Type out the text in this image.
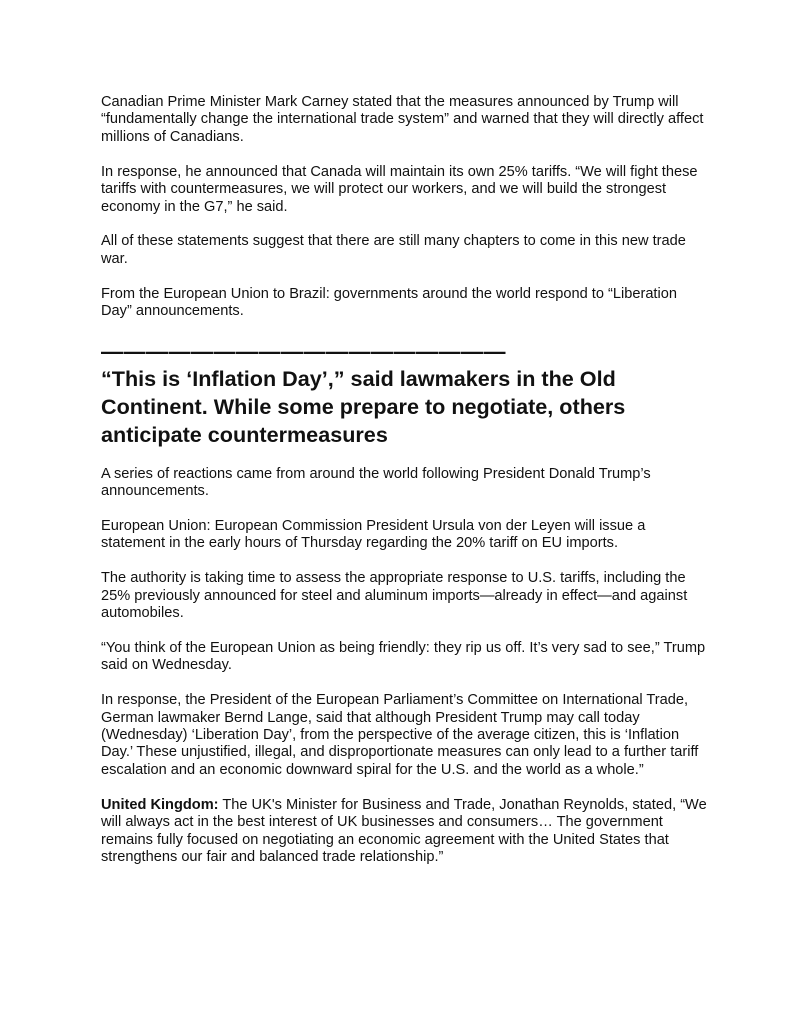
Canadian Prime Minister Mark Carney stated that the measures announced by Trump will “fundamentally change the international trade system” and warned that they will directly affect millions of Canadians.

In response, he announced that Canada will maintain its own 25% tariffs. “We will fight these tariffs with countermeasures, we will protect our workers, and we will build the strongest economy in the G7,” he said.

All of these statements suggest that there are still many chapters to come in this new trade war.

From the European Union to Brazil: governments around the world respond to “Liberation Day” announcements.

——————————————————
“This is ‘Inflation Day’,” said lawmakers in the Old Continent. While some prepare to negotiate, others anticipate countermeasures

A series of reactions came from around the world following President Donald Trump’s announcements.

European Union: European Commission President Ursula von der Leyen will issue a statement in the early hours of Thursday regarding the 20% tariff on EU imports.

The authority is taking time to assess the appropriate response to U.S. tariffs, including the 25% previously announced for steel and aluminum imports—already in effect—and against automobiles.

“You think of the European Union as being friendly: they rip us off. It’s very sad to see,” Trump said on Wednesday.

In response, the President of the European Parliament’s Committee on International Trade, German lawmaker Bernd Lange, said that although President Trump may call today (Wednesday) ‘Liberation Day’, from the perspective of the average citizen, this is ‘Inflation Day.’ These unjustified, illegal, and disproportionate measures can only lead to a further tariff escalation and an economic downward spiral for the U.S. and the world as a whole.”

United Kingdom: The UK's Minister for Business and Trade, Jonathan Reynolds, stated, “We will always act in the best interest of UK businesses and consumers… The government remains fully focused on negotiating an economic agreement with the United States that strengthens our fair and balanced trade relationship.”
